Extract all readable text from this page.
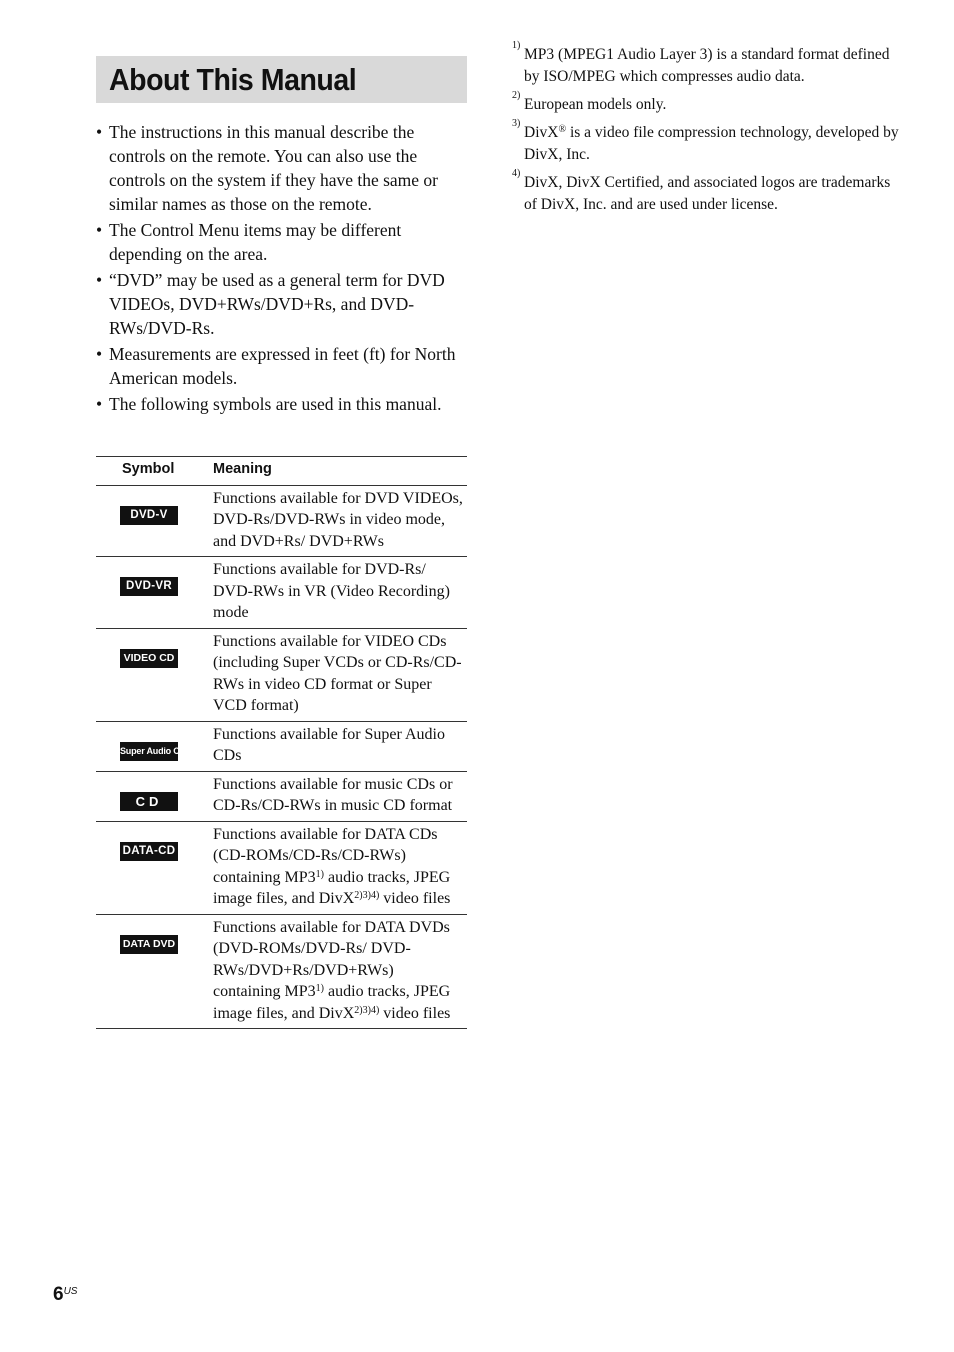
About This Manual
• The instructions in this manual describe the controls on the remote. You can also use the controls on the system if they have the same or similar names as those on the remote.
• The Control Menu items may be different depending on the area.
• “DVD” may be used as a general term for DVD VIDEOs, DVD+RWs/DVD+Rs, and DVD-RWs/DVD-Rs.
• Measurements are expressed in feet (ft) for North American models.
• The following symbols are used in this manual.
Symbol	Meaning
DVD-V	Functions available for DVD VIDEOs, DVD-Rs/DVD-RWs in video mode, and DVD+Rs/ DVD+RWs
DVD-VR	Functions available for DVD-Rs/ DVD-RWs in VR (Video Recording) mode
VIDEO CD	Functions available for VIDEO CDs (including Super VCDs or CD-Rs/CD-RWs in video CD format or Super VCD format)
Super Audio CD	Functions available for Super Audio CDs
CD	Functions available for music CDs or CD-Rs/CD-RWs in music CD format
DATA-CD	Functions available for DATA CDs (CD-ROMs/CD-Rs/CD-RWs) containing MP3$^{1)}$ audio tracks, JPEG image files, and DivX$^{2)3)4)}$ video files
DATA DVD	Functions available for DATA DVDs (DVD-ROMs/DVD-Rs/ DVD-RWs/DVD+Rs/DVD+RWs) containing MP3$^{1)}$ audio tracks, JPEG image files, and DivX$^{2)3)4)}$ video files
1)
MP3 (MPEG1 Audio Layer 3) is a standard format defined by ISO/MPEG which compresses audio data.
2)
European models only.
3)
DivX® is a video file compression technology, developed by DivX, Inc.
4)
DivX, DivX Certified, and associated logos are trademarks of DivX, Inc. and are used under license.
$6^{US}$
